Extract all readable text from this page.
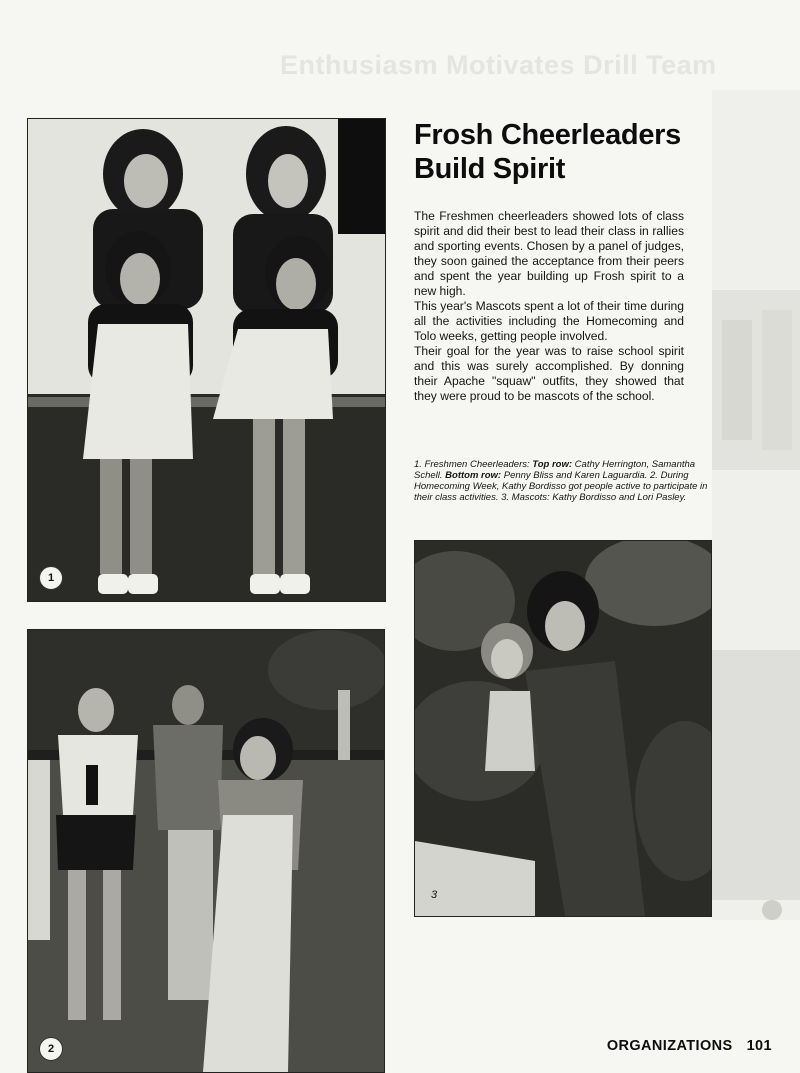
Enthusiasm Motivates Drill Team
1
Frosh Cheerleaders
Build Spirit

The Freshmen cheerleaders showed lots of class spirit and did their best to lead their class in rallies and sporting events. Chosen by a panel of judges, they soon gained the acceptance from their peers and spent the year building up Frosh spirit to a new high.

This year's Mascots spent a lot of their time during all the activities including the Homecoming and Tolo weeks, getting people involved.

Their goal for the year was to raise school spirit and this was surely accomplished. By donning their Apache "squaw" outfits, they showed that they were proud to be mascots of the school.

1. Freshmen Cheerleaders: Top row: Cathy Herrington, Samantha Schell. Bottom row: Penny Bliss and Karen Laguardia. 2. During Homecoming Week, Kathy Bordisso got people active to participate in their class activities. 3. Mascots: Kathy Bordisso and Lori Pasley.
3
2	ORGANIZATIONS 101
